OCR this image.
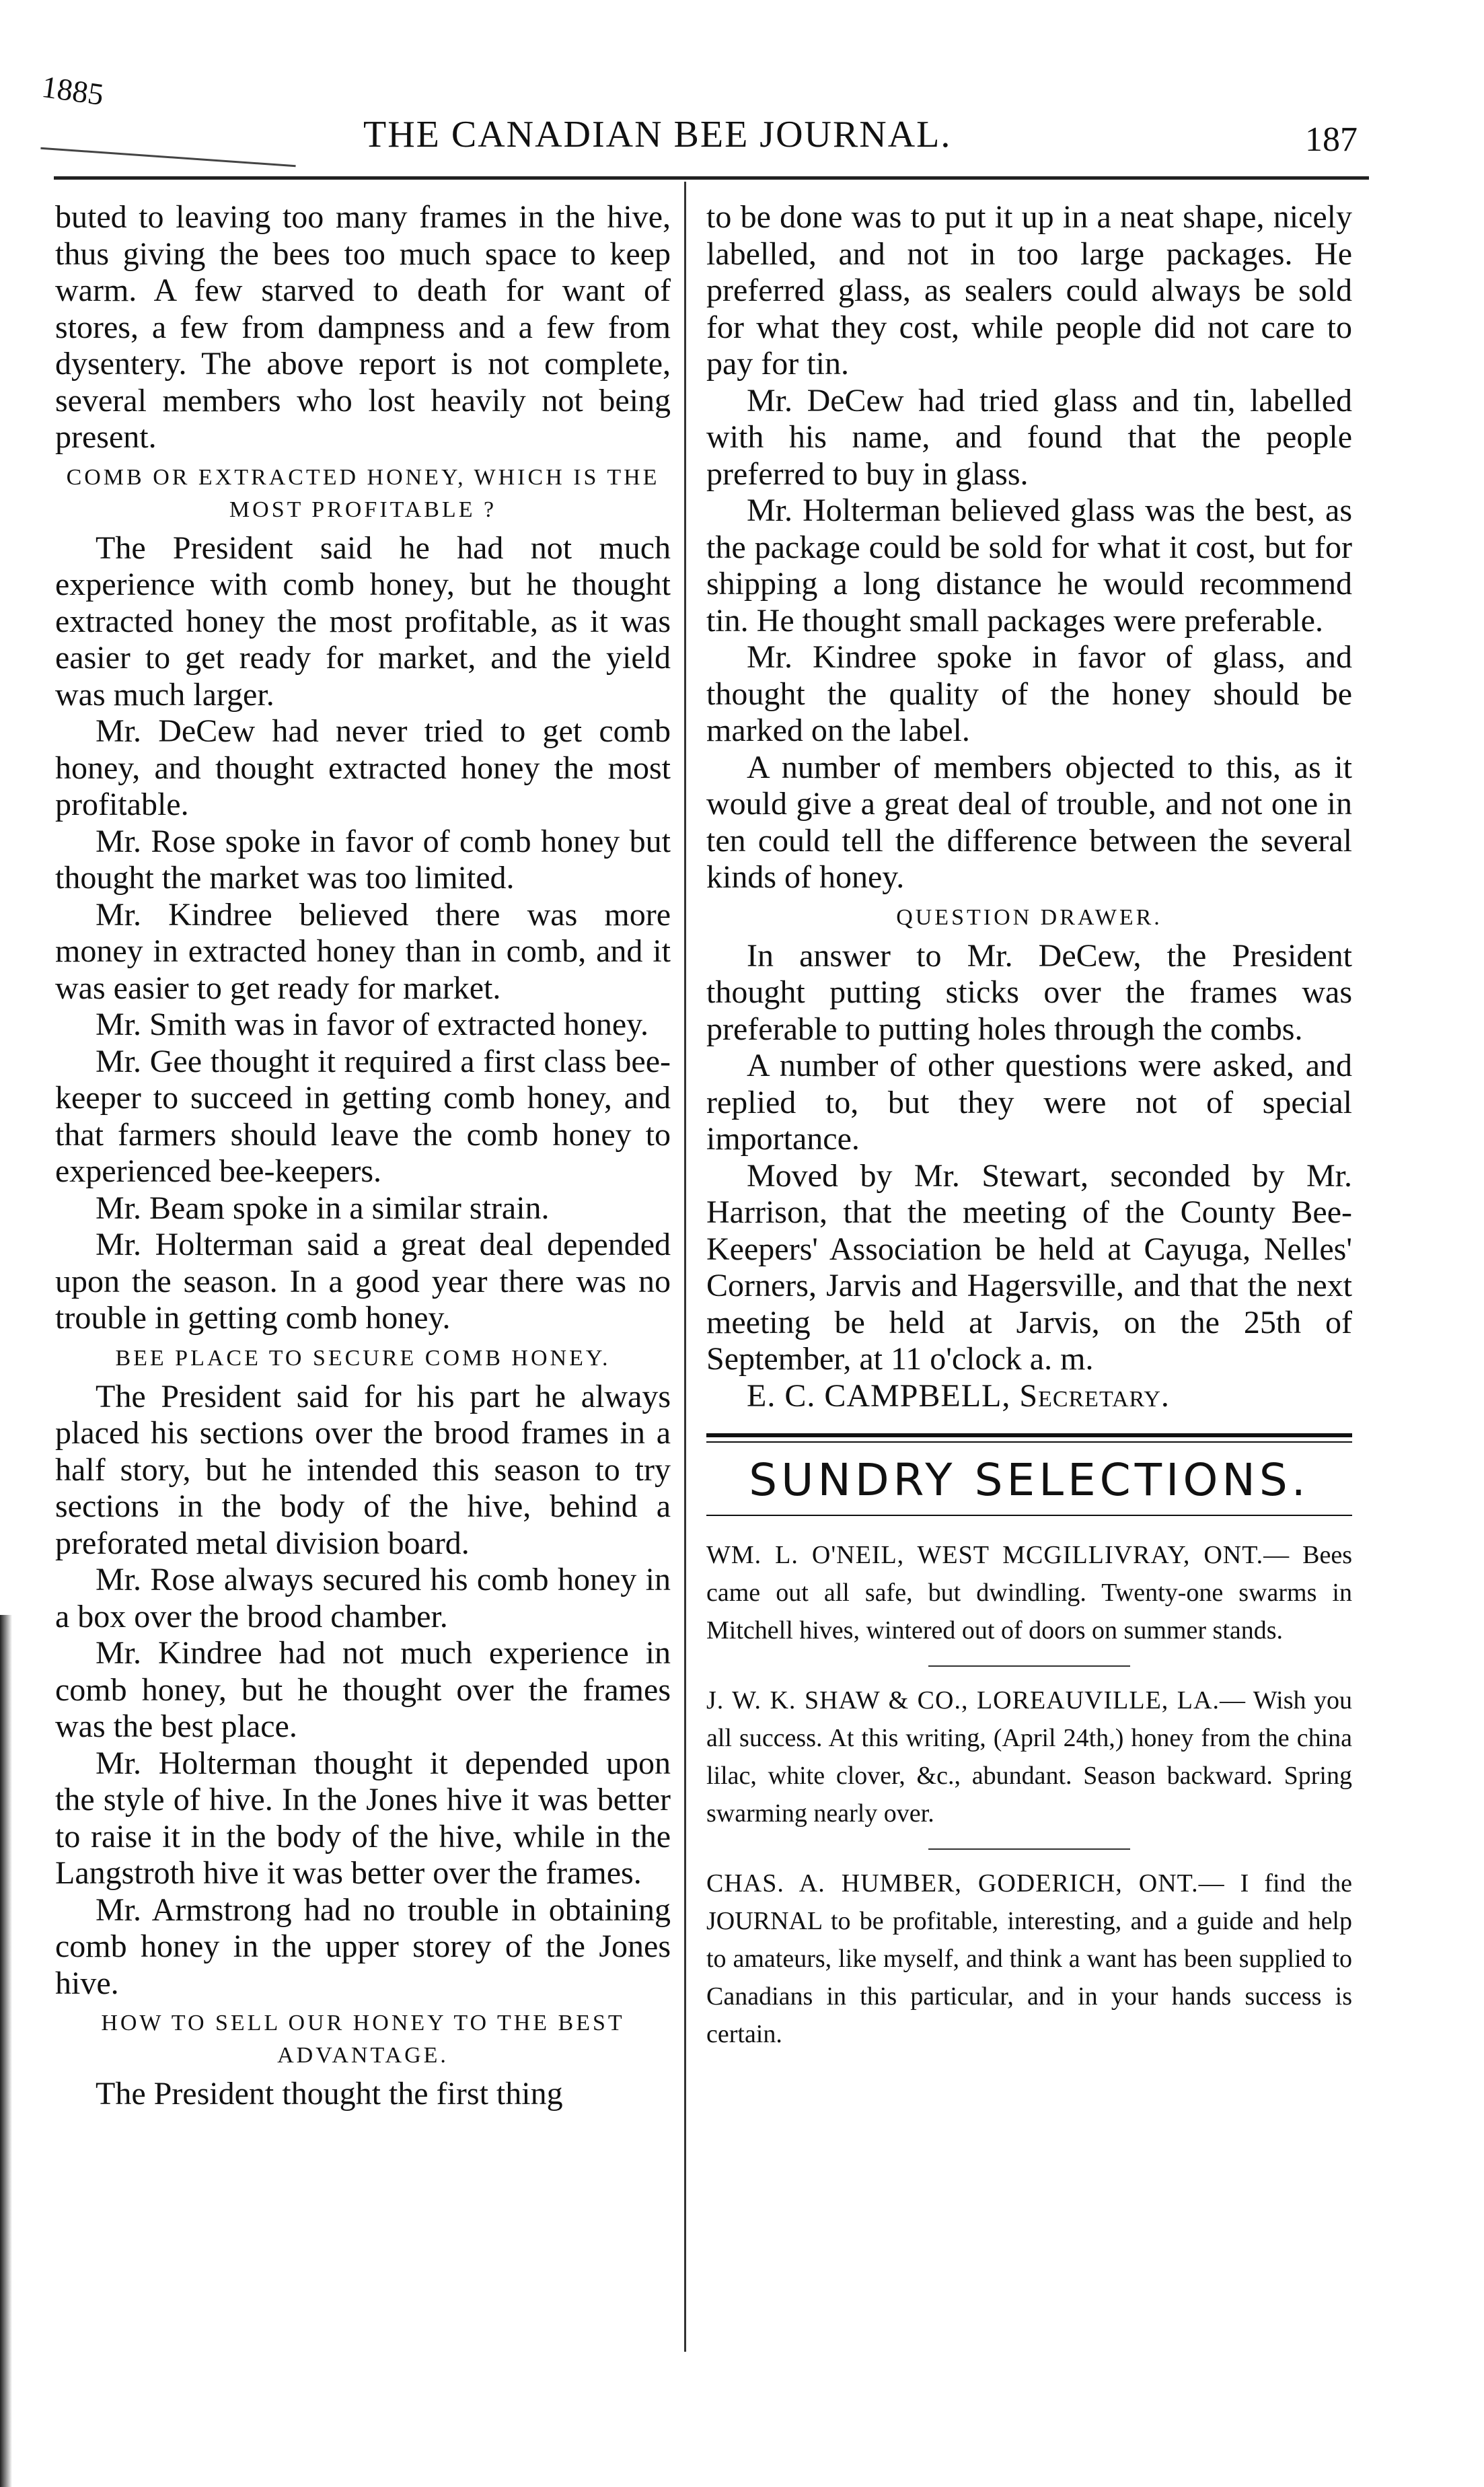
1885
THE CANADIAN BEE JOURNAL.	187

buted to leaving too many frames in the hive, thus giving the bees too much space to keep warm. A few starved to death for want of stores, a few from dampness and a few from dysentery. The above report is not complete, several members who lost heavily not being present.

COMB OR EXTRACTED HONEY, WHICH IS THE MOST PROFITABLE ?

The President said he had not much experience with comb honey, but he thought extracted honey the most profitable, as it was easier to get ready for market, and the yield was much larger.

Mr. DeCew had never tried to get comb honey, and thought extracted honey the most profitable.

Mr. Rose spoke in favor of comb honey but thought the market was too limited.

Mr. Kindree believed there was more money in extracted honey than in comb, and it was easier to get ready for market.

Mr. Smith was in favor of extracted honey.

Mr. Gee thought it required a first class bee-keeper to succeed in getting comb honey, and that farmers should leave the comb honey to experienced bee-keepers.

Mr. Beam spoke in a similar strain.

Mr. Holterman said a great deal depended upon the season. In a good year there was no trouble in getting comb honey.

BEE PLACE TO SECURE COMB HONEY.

The President said for his part he always placed his sections over the brood frames in a half story, but he intended this season to try sections in the body of the hive, behind a preforated metal division board.

Mr. Rose always secured his comb honey in a box over the brood chamber.

Mr. Kindree had not much experience in comb honey, but he thought over the frames was the best place.

Mr. Holterman thought it depended upon the style of hive. In the Jones hive it was better to raise it in the body of the hive, while in the Langstroth hive it was better over the frames.

Mr. Armstrong had no trouble in obtaining comb honey in the upper storey of the Jones hive.

HOW TO SELL OUR HONEY TO THE BEST ADVANTAGE.

The President thought the first thing

to be done was to put it up in a neat shape, nicely labelled, and not in too large packages. He preferred glass, as sealers could always be sold for what they cost, while people did not care to pay for tin.

Mr. DeCew had tried glass and tin, labelled with his name, and found that the people preferred to buy in glass.

Mr. Holterman believed glass was the best, as the package could be sold for what it cost, but for shipping a long distance he would recommend tin. He thought small packages were preferable.

Mr. Kindree spoke in favor of glass, and thought the quality of the honey should be marked on the label.

A number of members objected to this, as it would give a great deal of trouble, and not one in ten could tell the difference between the several kinds of honey.

QUESTION DRAWER.

In answer to Mr. DeCew, the President thought putting sticks over the frames was preferable to putting holes through the combs.

A number of other questions were asked, and replied to, but they were not of special importance.

Moved by Mr. Stewart, seconded by Mr. Harrison, that the meeting of the County Bee-Keepers' Association be held at Cayuga, Nelles' Corners, Jarvis and Hagersville, and that the next meeting be held at Jarvis, on the 25th of September, at 11 o'clock a. m.

E. C. CAMPBELL, Secretary.

SUNDRY SELECTIONS.
WM. L. O'NEIL, WEST MCGILLIVRAY, ONT.— Bees came out all safe, but dwindling. Twenty-one swarms in Mitchell hives, wintered out of doors on summer stands.
J. W. K. SHAW & CO., LOREAUVILLE, LA.— Wish you all success. At this writing, (April 24th,) honey from the china lilac, white clover, &c., abundant. Season backward. Spring swarming nearly over.
CHAS. A. HUMBER, GODERICH, ONT.— I find the JOURNAL to be profitable, interesting, and a guide and help to amateurs, like myself, and think a want has been supplied to Canadians in this particular, and in your hands success is certain.
